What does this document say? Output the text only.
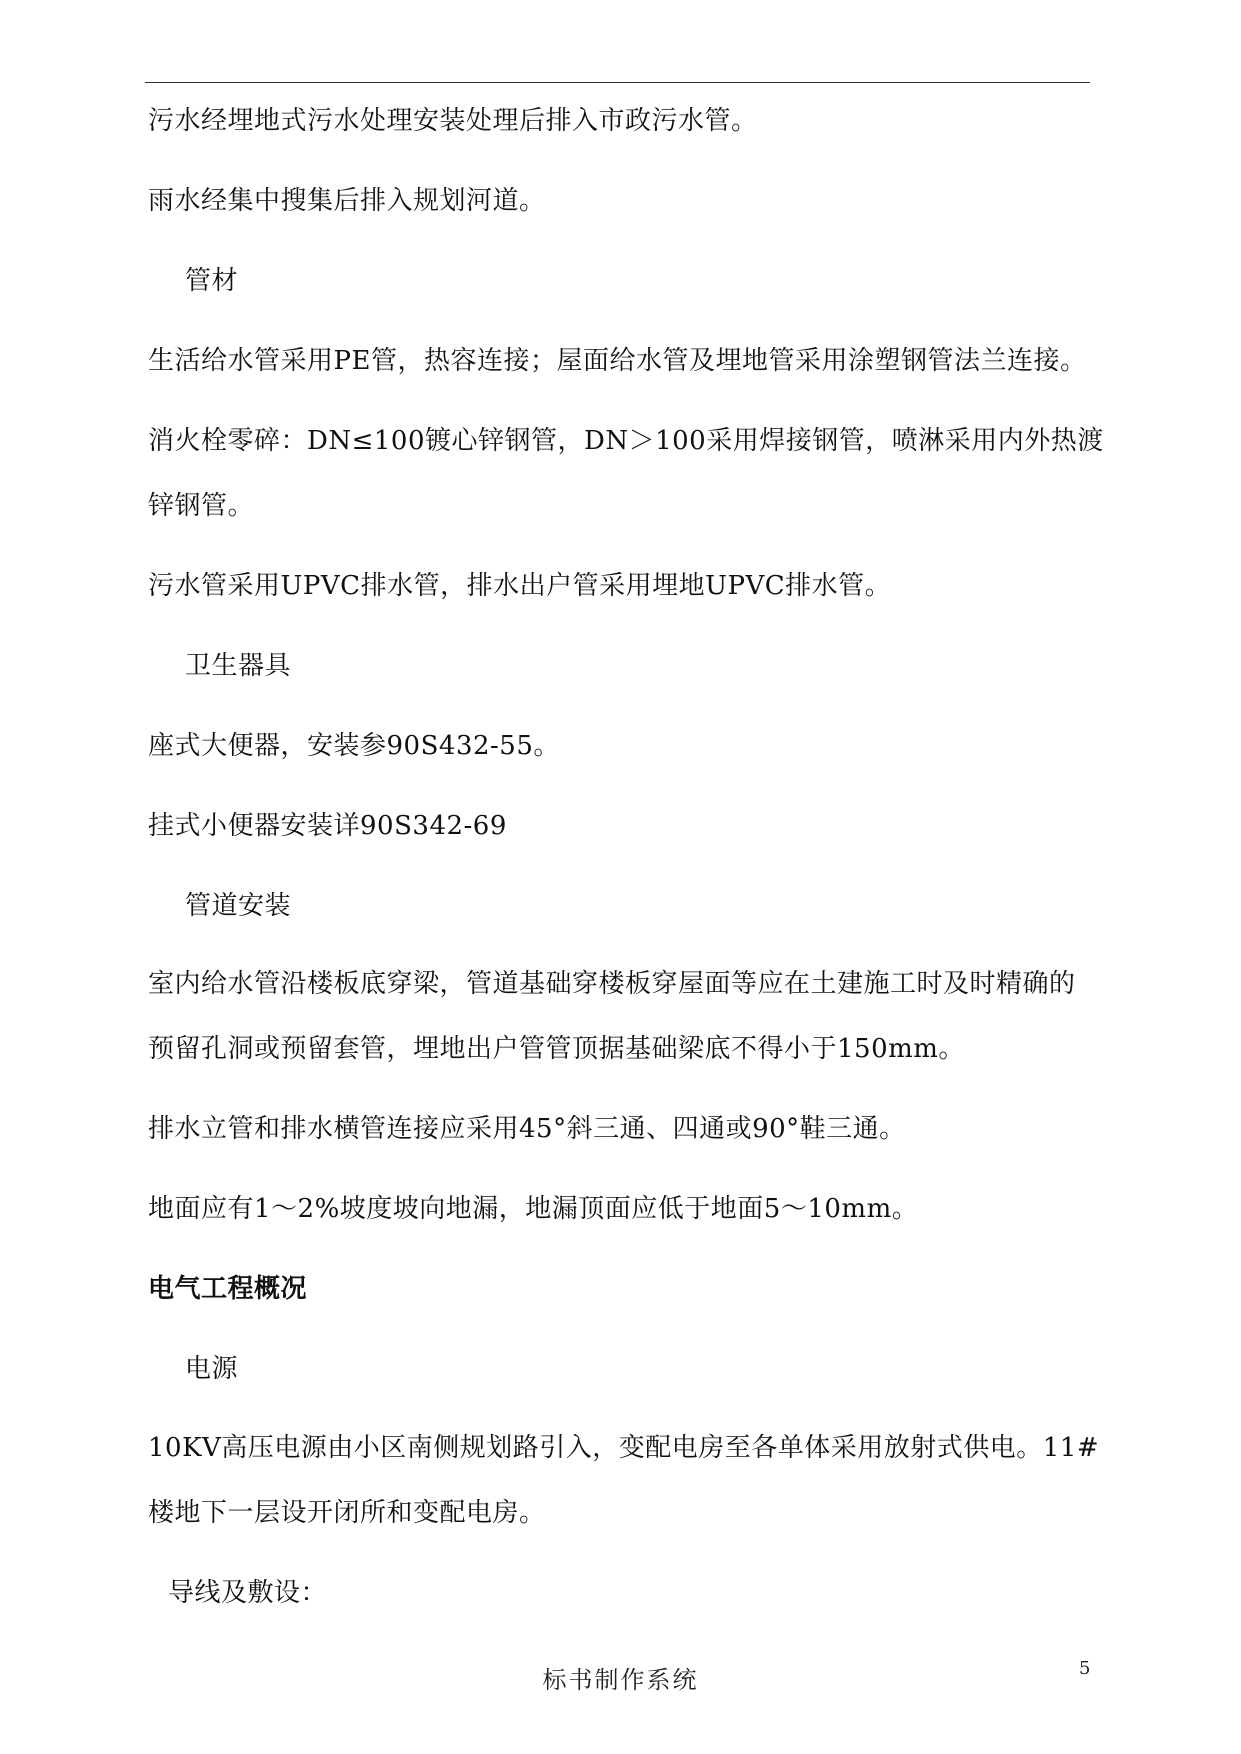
污水经埋地式污水处理安装处理后排入市政污水管。
雨水经集中搜集后排入规划河道。
管材
生活给水管采用PE管，热容连接；屋面给水管及埋地管采用涂塑钢管法兰连接。
消火栓零碎：DN≤100镀心锌钢管，DN＞100采用焊接钢管，喷淋采用内外热渡
锌钢管。
污水管采用UPVC排水管，排水出户管采用埋地UPVC排水管。
卫生器具
座式大便器，安装参90S432-55。
挂式小便器安装详90S342-69
管道安装
室内给水管沿楼板底穿梁，管道基础穿楼板穿屋面等应在土建施工时及时精确的
预留孔洞或预留套管，埋地出户管管顶据基础梁底不得小于150mm。
排水立管和排水横管连接应采用45°斜三通、四通或90°鞋三通。
地面应有1～2%坡度坡向地漏，地漏顶面应低于地面5～10mm。
电气工程概况
电源
10KV高压电源由小区南侧规划路引入，变配电房至各单体采用放射式供电。11#
楼地下一层设开闭所和变配电房。
导线及敷设：
标书制作系统	5
